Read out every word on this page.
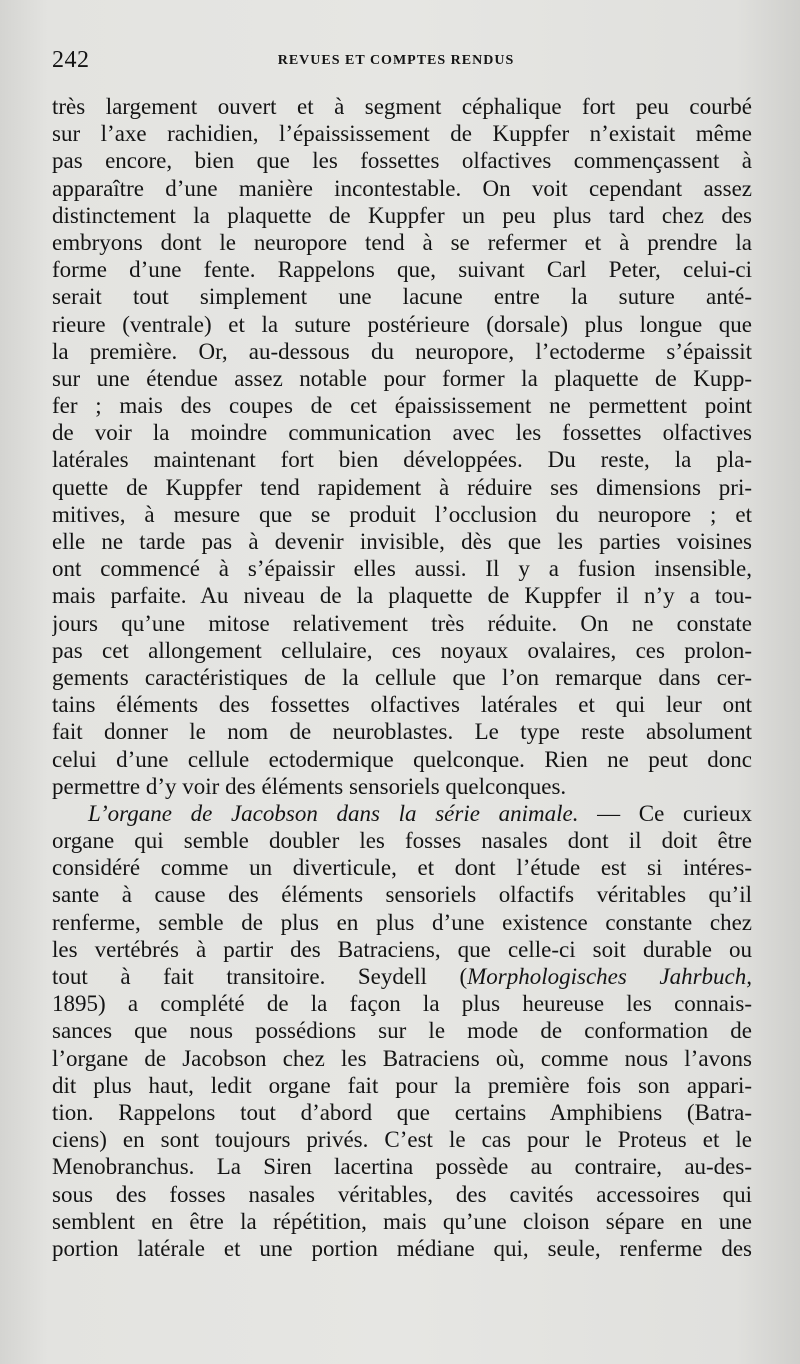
242	REVUES ET COMPTES RENDUS
très largement ouvert et à segment céphalique fort peu courbé
sur l’axe rachidien, l’épaississement de Kuppfer n’existait même
pas encore, bien que les fossettes olfactives commençassent à
apparaître d’une manière incontestable. On voit cependant assez
distinctement la plaquette de Kuppfer un peu plus tard chez des
embryons dont le neuropore tend à se refermer et à prendre la
forme d’une fente. Rappelons que, suivant Carl Peter, celui-ci
serait tout simplement une lacune entre la suture anté-
rieure (ventrale) et la suture postérieure (dorsale) plus longue que
la première. Or, au-dessous du neuropore, l’ectoderme s’épaissit
sur une étendue assez notable pour former la plaquette de Kupp-
fer ; mais des coupes de cet épaississement ne permettent point
de voir la moindre communication avec les fossettes olfactives
latérales maintenant fort bien développées. Du reste, la pla-
quette de Kuppfer tend rapidement à réduire ses dimensions pri-
mitives, à mesure que se produit l’occlusion du neuropore ; et
elle ne tarde pas à devenir invisible, dès que les parties voisines
ont commencé à s’épaissir elles aussi. Il y a fusion insensible,
mais parfaite. Au niveau de la plaquette de Kuppfer il n’y a tou-
jours qu’une mitose relativement très réduite. On ne constate
pas cet allongement cellulaire, ces noyaux ovalaires, ces prolon-
gements caractéristiques de la cellule que l’on remarque dans cer-
tains éléments des fossettes olfactives latérales et qui leur ont
fait donner le nom de neuroblastes. Le type reste absolument
celui d’une cellule ectodermique quelconque. Rien ne peut donc
permettre d’y voir des éléments sensoriels quelconques.
L’organe de Jacobson dans la série animale. — Ce curieux
organe qui semble doubler les fosses nasales dont il doit être
considéré comme un diverticule, et dont l’étude est si intéres-
sante à cause des éléments sensoriels olfactifs véritables qu’il
renferme, semble de plus en plus d’une existence constante chez
les vertébrés à partir des Batraciens, que celle-ci soit durable ou
tout à fait transitoire. Seydell (Morphologisches Jahrbuch,
1895) a complété de la façon la plus heureuse les connais-
sances que nous possédions sur le mode de conformation de
l’organe de Jacobson chez les Batraciens où, comme nous l’avons
dit plus haut, ledit organe fait pour la première fois son appari-
tion. Rappelons tout d’abord que certains Amphibiens (Batra-
ciens) en sont toujours privés. C’est le cas pour le Proteus et le
Menobranchus. La Siren lacertina possède au contraire, au-des-
sous des fosses nasales véritables, des cavités accessoires qui
semblent en être la répétition, mais qu’une cloison sépare en une
portion latérale et une portion médiane qui, seule, renferme des
